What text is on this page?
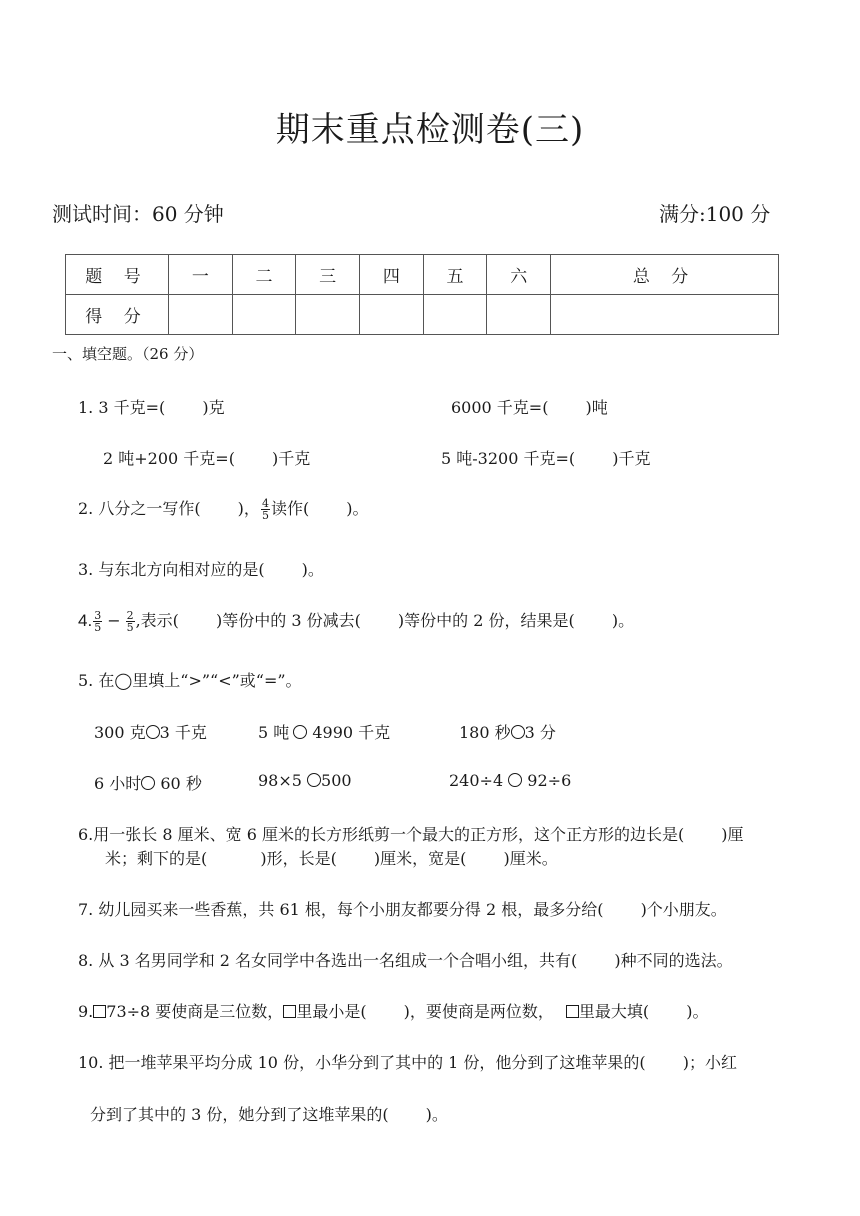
期末重点检测卷(三)
测试时间：60 分钟	满分:100 分
题 号	一	二	三	四	五	六	总 分
得 分							
一、填空题。（26 分）
1. 3 千克=(　　 )克	6000 千克=(　　 )吨
2 吨+200 千克=(　　 )千克	5 吨-3200 千克=(　　 )千克
2. 八分之一写作(　　 )， $\frac{4}{5}$ 读作(　　 )。
3. 与东北方向相对应的是(　　 )。
4. $\frac{3}{5} - \frac{2}{5}$ ,表示(　　 )等份中的 3 份减去(　　 )等份中的 2 份，结果是(　　 )。
5. 在◯里填上“>”“<”或“=”。
300 克 3 千克	5 吨 4990 千克	180 秒 3 分
6 小时 60 秒	98×5 500	240÷4  92÷6
6.用一张长 8 厘米、宽 6 厘米的长方形纸剪一个最大的正方形，这个正方形的边长是(　　 )厘
米；剩下的是(　　　 )形，长是(　　 )厘米，宽是(　　 )厘米。
7. 幼儿园买来一些香蕉，共 61 根，每个小朋友都要分得 2 根，最多分给(　　 )个小朋友。
8. 从 3 名男同学和 2 名女同学中各选出一名组成一个合唱小组，共有(　　 )种不同的选法。
9. 73÷8 要使商是三位数， 里最小是(　　 )，要使商是两位数， 里最大填(　　 )。
10. 把一堆苹果平均分成 10 份，小华分到了其中的 1 份，他分到了这堆苹果的(　　 )；小红
分到了其中的 3 份，她分到了这堆苹果的(　　 )。
